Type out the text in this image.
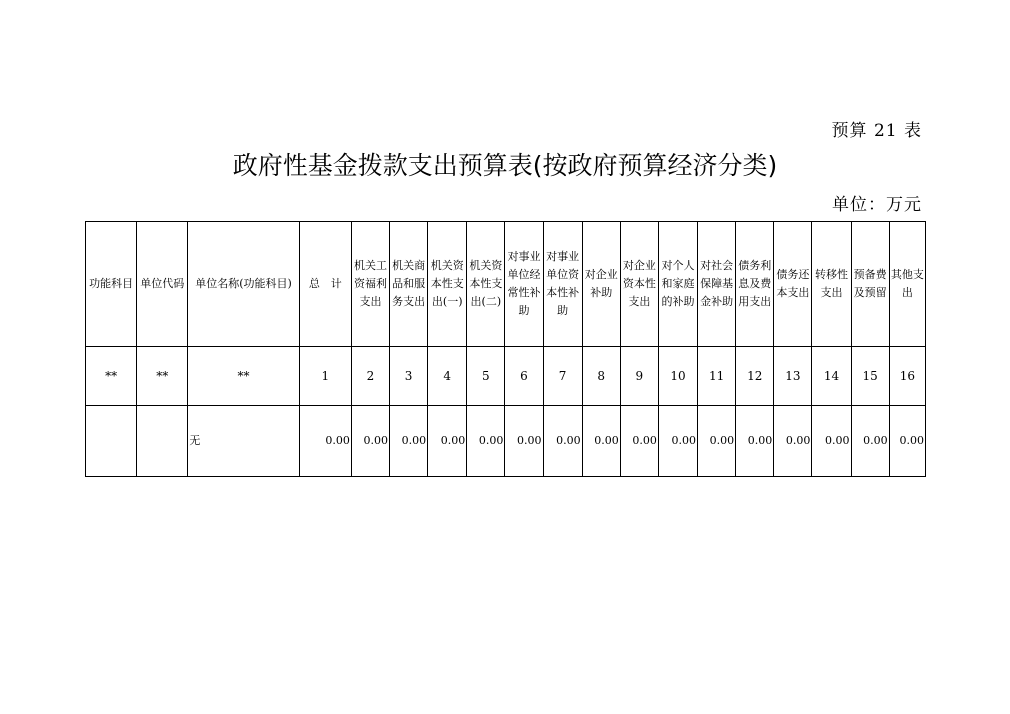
预算 21 表
政府性基金拨款支出预算表(按政府预算经济分类)
单位：万元
功能科目	单位代码	单位名称(功能科目)	总　计	机关工资福利支出	机关商品和服务支出	机关资本性支出(一)	机关资本性支出(二)	对事业单位经常性补助	对事业单位资本性补助	对企业补助	对企业资本性支出	对个人和家庭的补助	对社会保障基金补助	债务利息及费用支出	债务还本支出	转移性支出	预备费及预留	其他支出
**	**	**	1	2	3	4	5	6	7	8	9	10	11	12	13	14	15	16
		无	0.00	0.00	0.00	0.00	0.00	0.00	0.00	0.00	0.00	0.00	0.00	0.00	0.00	0.00	0.00	0.00
